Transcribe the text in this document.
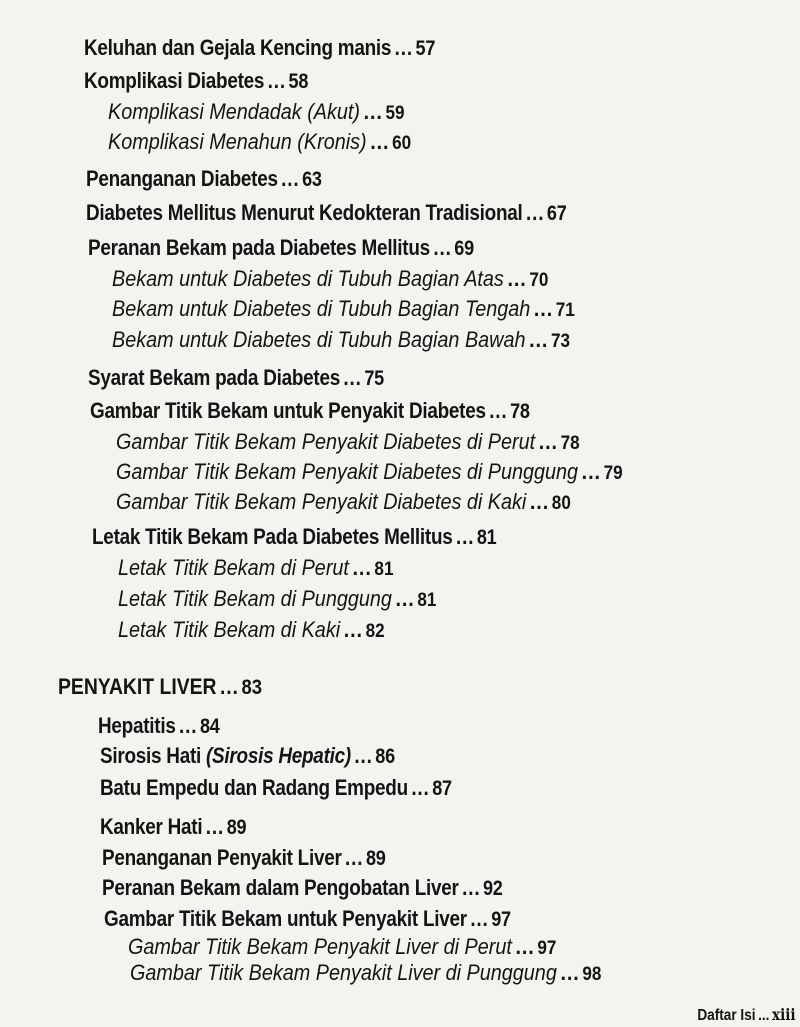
Keluhan dan Gejala Kencing manis ... 57
Komplikasi Diabetes ... 58
Komplikasi Mendadak (Akut) ... 59
Komplikasi Menahun (Kronis) ... 60
Penanganan Diabetes ... 63
Diabetes Mellitus Menurut Kedokteran Tradisional ... 67
Peranan Bekam pada Diabetes Mellitus ... 69
Bekam untuk Diabetes di Tubuh Bagian Atas ... 70
Bekam untuk Diabetes di Tubuh Bagian Tengah ... 71
Bekam untuk Diabetes di Tubuh Bagian Bawah ... 73
Syarat Bekam pada Diabetes ... 75
Gambar Titik Bekam untuk Penyakit Diabetes ... 78
Gambar Titik Bekam Penyakit Diabetes di Perut ... 78
Gambar Titik Bekam Penyakit Diabetes di Punggung ... 79
Gambar Titik Bekam Penyakit Diabetes di Kaki ... 80
Letak Titik Bekam Pada Diabetes Mellitus ... 81
Letak Titik Bekam di Perut ... 81
Letak Titik Bekam di Punggung ... 81
Letak Titik Bekam di Kaki ... 82
PENYAKIT LIVER ... 83
Hepatitis ... 84
Sirosis Hati (Sirosis Hepatic) ... 86
Batu Empedu dan Radang Empedu ... 87
Kanker Hati ... 89
Penanganan Penyakit Liver ... 89
Peranan Bekam dalam Pengobatan Liver ... 92
Gambar Titik Bekam untuk Penyakit Liver ... 97
Gambar Titik Bekam Penyakit Liver di Perut ... 97
Gambar Titik Bekam Penyakit Liver di Punggung ... 98
Daftar Isi ... xiii
